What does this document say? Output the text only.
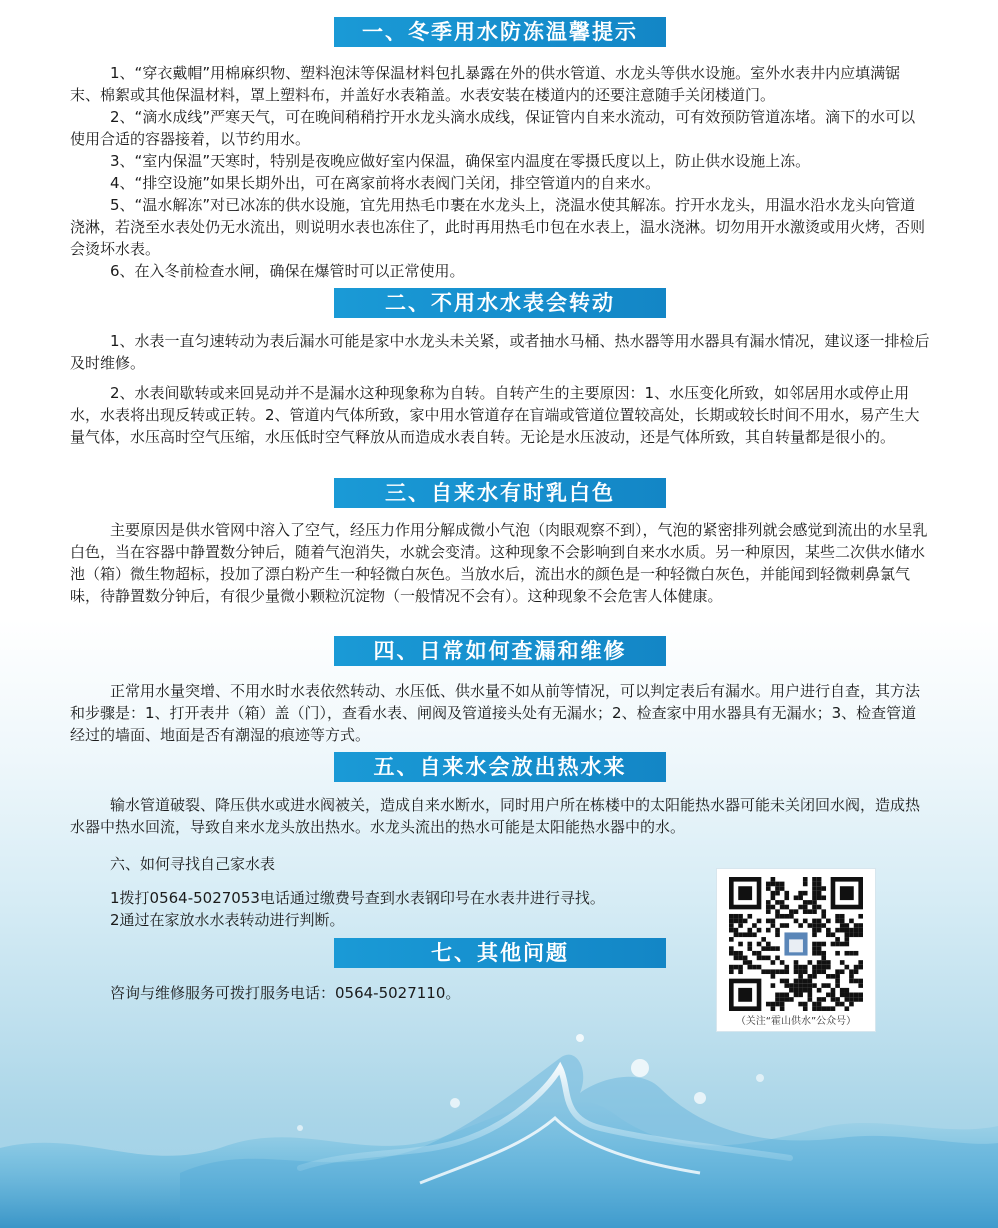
一、冬季用水防冻温馨提示

1、“穿衣戴帽”用棉麻织物、塑料泡沫等保温材料包扎暴露在外的供水管道、水龙头等供水设施。室外水表井内应填满锯末、棉絮或其他保温材料，罩上塑料布，并盖好水表箱盖。水表安装在楼道内的还要注意随手关闭楼道门。

2、“滴水成线”严寒天气，可在晚间稍稍拧开水龙头滴水成线，保证管内自来水流动，可有效预防管道冻堵。滴下的水可以使用合适的容器接着，以节约用水。

3、“室内保温”天寒时，特别是夜晚应做好室内保温，确保室内温度在零摄氏度以上，防止供水设施上冻。

4、“排空设施”如果长期外出，可在离家前将水表阀门关闭，排空管道内的自来水。

5、“温水解冻”对已冰冻的供水设施，宜先用热毛巾裹在水龙头上，浇温水使其解冻。拧开水龙头，用温水沿水龙头向管道浇淋，若浇至水表处仍无水流出，则说明水表也冻住了，此时再用热毛巾包在水表上，温水浇淋。切勿用开水激烫或用火烤，否则会烫坏水表。

6、在入冬前检查水闸，确保在爆管时可以正常使用。

二、不用水水表会转动

1、水表一直匀速转动为表后漏水可能是家中水龙头未关紧，或者抽水马桶、热水器等用水器具有漏水情况，建议逐一排检后及时维修。

2、水表间歇转或来回晃动并不是漏水这种现象称为自转。自转产生的主要原因：1、水压变化所致，如邻居用水或停止用水，水表将出现反转或正转。2、管道内气体所致，家中用水管道存在盲端或管道位置较高处，长期或较长时间不用水，易产生大量气体，水压高时空气压缩，水压低时空气释放从而造成水表自转。无论是水压波动，还是气体所致，其自转量都是很小的。

三、自来水有时乳白色

主要原因是供水管网中溶入了空气，经压力作用分解成微小气泡（肉眼观察不到），气泡的紧密排列就会感觉到流出的水呈乳白色，当在容器中静置数分钟后，随着气泡消失，水就会变清。这种现象不会影响到自来水水质。另一种原因，某些二次供水储水池（箱）微生物超标，投加了漂白粉产生一种轻微白灰色。当放水后，流出水的颜色是一种轻微白灰色，并能闻到轻微刺鼻氯气味，待静置数分钟后，有很少量微小颗粒沉淀物（一般情况不会有）。这种现象不会危害人体健康。

四、日常如何查漏和维修

正常用水量突增、不用水时水表依然转动、水压低、供水量不如从前等情况，可以判定表后有漏水。用户进行自查，其方法和步骤是：1、打开表井（箱）盖（门），查看水表、闸阀及管道接头处有无漏水；2、检查家中用水器具有无漏水；3、检查管道经过的墙面、地面是否有潮湿的痕迹等方式。

五、自来水会放出热水来

输水管道破裂、降压供水或进水阀被关，造成自来水断水，同时用户所在栋楼中的太阳能热水器可能未关闭回水阀，造成热水器中热水回流，导致自来水龙头放出热水。水龙头流出的热水可能是太阳能热水器中的水。

六、如何寻找自己家水表

1拨打0564-5027053电话通过缴费号查到水表钢印号在水表井进行寻找。

2通过在家放水水表转动进行判断。

七、其他问题

咨询与维修服务可拨打服务电话：0564-5027110。

（关注“霍山供水”公众号）
